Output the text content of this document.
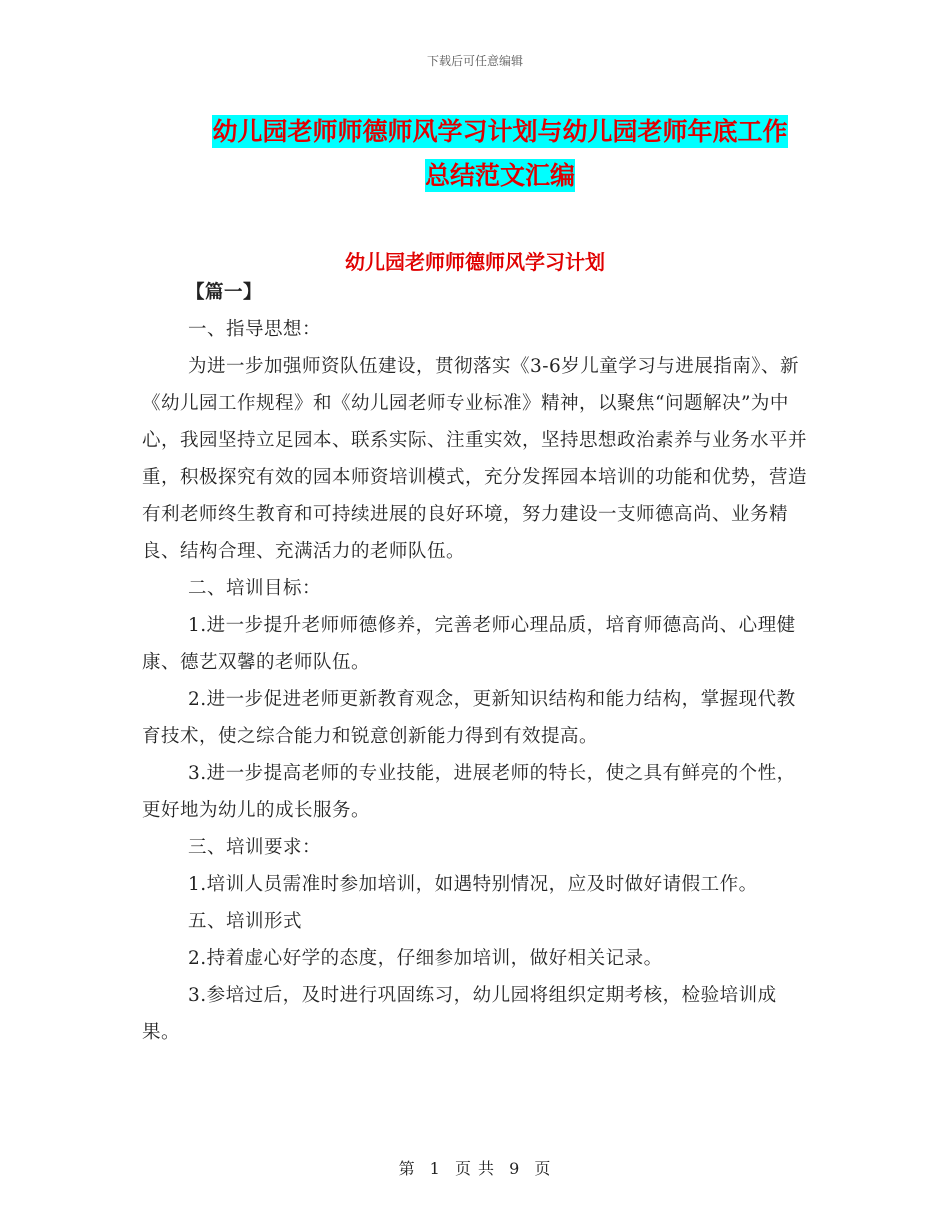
下载后可任意编辑
幼儿园老师师德师风学习计划与幼儿园老师年底工作
总结范文汇编
幼儿园老师师德师风学习计划
【篇一】
一、指导思想：
为进一步加强师资队伍建设，贯彻落实《3-6岁儿童学习与进展指南》、新《幼儿园工作规程》和《幼儿园老师专业标准》精神，以聚焦“问题解决”为中心，我园坚持立足园本、联系实际、注重实效，坚持思想政治素养与业务水平并重，积极探究有效的园本师资培训模式，充分发挥园本培训的功能和优势，营造有利老师终生教育和可持续进展的良好环境，努力建设一支师德高尚、业务精良、结构合理、充满活力的老师队伍。
二、培训目标：
1.进一步提升老师师德修养，完善老师心理品质，培育师德高尚、心理健康、德艺双馨的老师队伍。
2.进一步促进老师更新教育观念，更新知识结构和能力结构，掌握现代教育技术，使之综合能力和锐意创新能力得到有效提高。
3.进一步提高老师的专业技能，进展老师的特长，使之具有鲜亮的个性，更好地为幼儿的成长服务。
三、培训要求：
1.培训人员需准时参加培训，如遇特别情况，应及时做好请假工作。
五、培训形式
2.持着虚心好学的态度，仔细参加培训，做好相关记录。
3.参培过后，及时进行巩固练习，幼儿园将组织定期考核，检验培训成果。
第 1 页 共 9 页
